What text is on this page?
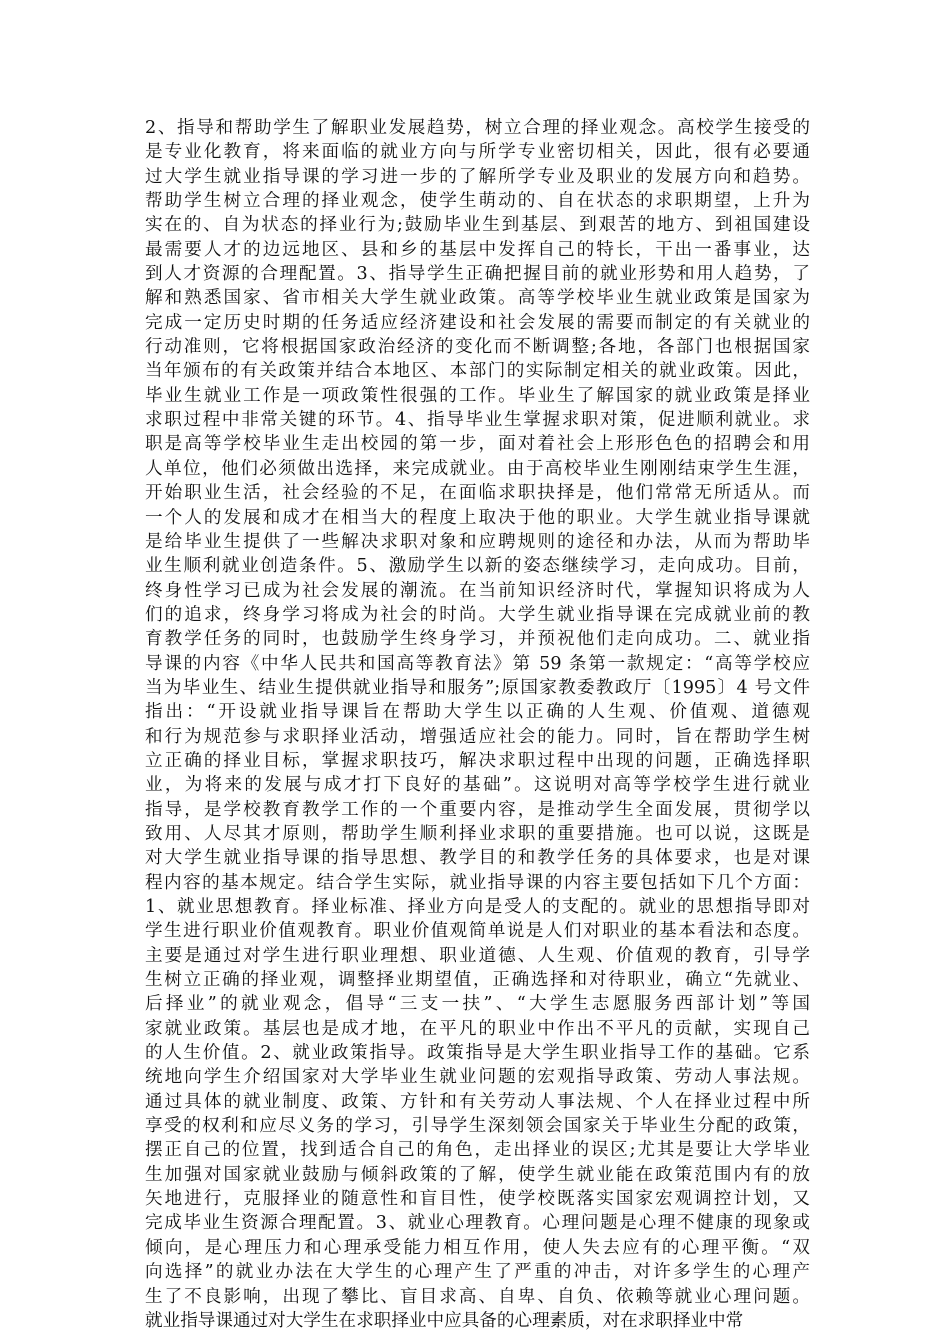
2、指导和帮助学生了解职业发展趋势，树立合理的择业观念。高校学生接受的
是专业化教育，将来面临的就业方向与所学专业密切相关，因此，很有必要通
过大学生就业指导课的学习进一步的了解所学专业及职业的发展方向和趋势。
帮助学生树立合理的择业观念，使学生萌动的、自在状态的求职期望，上升为
实在的、自为状态的择业行为;鼓励毕业生到基层、到艰苦的地方、到祖国建设
最需要人才的边远地区、县和乡的基层中发挥自己的特长，干出一番事业，达
到人才资源的合理配置。3、指导学生正确把握目前的就业形势和用人趋势，了
解和熟悉国家、省市相关大学生就业政策。高等学校毕业生就业政策是国家为
完成一定历史时期的任务适应经济建设和社会发展的需要而制定的有关就业的
行动准则，它将根据国家政治经济的变化而不断调整;各地，各部门也根据国家
当年颁布的有关政策并结合本地区、本部门的实际制定相关的就业政策。因此，
毕业生就业工作是一项政策性很强的工作。毕业生了解国家的就业政策是择业
求职过程中非常关键的环节。4、指导毕业生掌握求职对策，促进顺利就业。求
职是高等学校毕业生走出校园的第一步，面对着社会上形形色色的招聘会和用
人单位，他们必须做出选择，来完成就业。由于高校毕业生刚刚结束学生生涯，
开始职业生活，社会经验的不足，在面临求职抉择是，他们常常无所适从。而
一个人的发展和成才在相当大的程度上取决于他的职业。大学生就业指导课就
是给毕业生提供了一些解决求职对象和应聘规则的途径和办法，从而为帮助毕
业生顺利就业创造条件。5、激励学生以新的姿态继续学习，走向成功。目前，
终身性学习已成为社会发展的潮流。在当前知识经济时代，掌握知识将成为人
们的追求，终身学习将成为社会的时尚。大学生就业指导课在完成就业前的教
育教学任务的同时，也鼓励学生终身学习，并预祝他们走向成功。二、就业指
导课的内容《中华人民共和国高等教育法》第 59 条第一款规定：“高等学校应
当为毕业生、结业生提供就业指导和服务”;原国家教委教政厅〔1995〕4 号文件
指出：“开设就业指导课旨在帮助大学生以正确的人生观、价值观、道德观
和行为规范参与求职择业活动，增强适应社会的能力。同时，旨在帮助学生树
立正确的择业目标，掌握求职技巧，解决求职过程中出现的问题，正确选择职
业，为将来的发展与成才打下良好的基础”。这说明对高等学校学生进行就业
指导，是学校教育教学工作的一个重要内容，是推动学生全面发展，贯彻学以
致用、人尽其才原则，帮助学生顺利择业求职的重要措施。也可以说，这既是
对大学生就业指导课的指导思想、教学目的和教学任务的具体要求，也是对课
程内容的基本规定。结合学生实际，就业指导课的内容主要包括如下几个方面：
1、就业思想教育。择业标准、择业方向是受人的支配的。就业的思想指导即对
学生进行职业价值观教育。职业价值观简单说是人们对职业的基本看法和态度。
主要是通过对学生进行职业理想、职业道德、人生观、价值观的教育，引导学
生树立正确的择业观，调整择业期望值，正确选择和对待职业，确立“先就业、
后择业”的就业观念，倡导“三支一扶”、“大学生志愿服务西部计划”等国
家就业政策。基层也是成才地，在平凡的职业中作出不平凡的贡献，实现自己
的人生价值。2、就业政策指导。政策指导是大学生职业指导工作的基础。它系
统地向学生介绍国家对大学毕业生就业问题的宏观指导政策、劳动人事法规。
通过具体的就业制度、政策、方针和有关劳动人事法规、个人在择业过程中所
享受的权利和应尽义务的学习，引导学生深刻领会国家关于毕业生分配的政策，
摆正自己的位置，找到适合自己的角色，走出择业的误区;尤其是要让大学毕业
生加强对国家就业鼓励与倾斜政策的了解，使学生就业能在政策范围内有的放
矢地进行，克服择业的随意性和盲目性，使学校既落实国家宏观调控计划，又
完成毕业生资源合理配置。3、就业心理教育。心理问题是心理不健康的现象或
倾向，是心理压力和心理承受能力相互作用，使人失去应有的心理平衡。“双
向选择”的就业办法在大学生的心理产生了严重的冲击，对许多学生的心理产
生了不良影响，出现了攀比、盲目求高、自卑、自负、依赖等就业心理问题。
就业指导课通过对大学生在求职择业中应具备的心理素质，对在求职择业中常
